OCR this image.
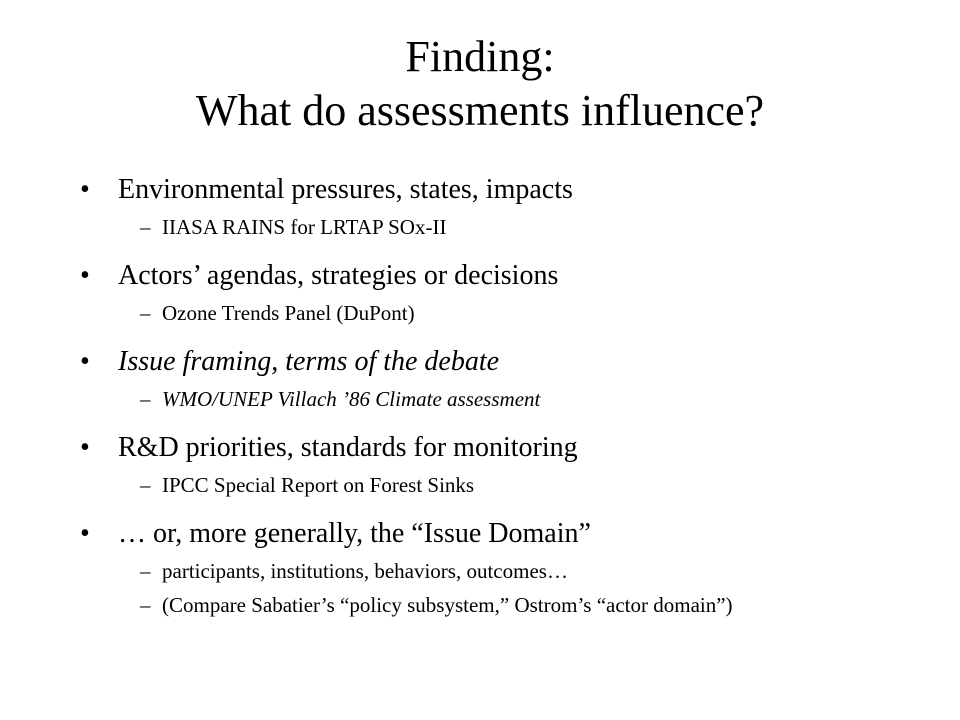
Finding:
What do assessments influence?

• Environmental pressures, states, impacts

– IIASA RAINS for LRTAP SOx-II

• Actors’ agendas, strategies or decisions

– Ozone Trends Panel (DuPont)

• Issue framing, terms of the debate

– WMO/UNEP Villach ’86 Climate assessment

• R&D priorities, standards for monitoring

– IPCC Special Report on Forest Sinks

• … or, more generally, the “Issue Domain”

– participants, institutions, behaviors, outcomes…

– (Compare Sabatier’s “policy subsystem,” Ostrom’s “actor domain”)
